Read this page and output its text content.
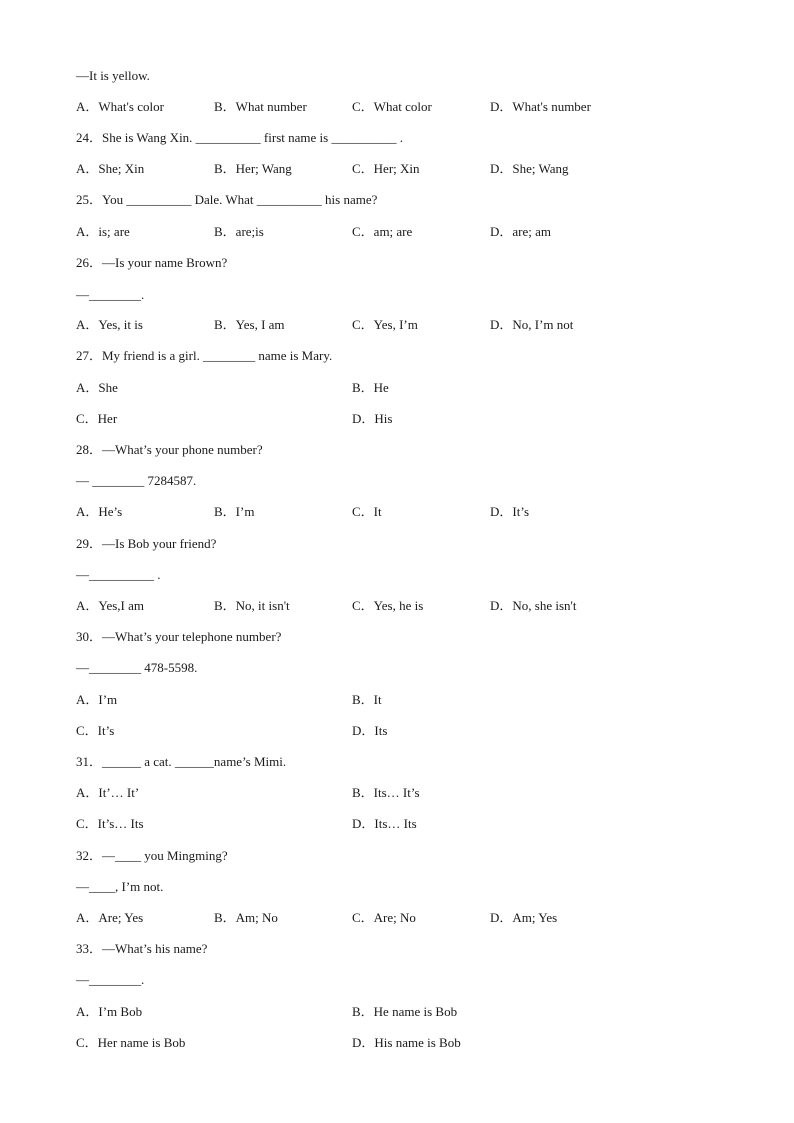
—It is yellow.
A．What's color	B．What number	C．What color	D．What's number
24．She is Wang Xin. __________ first name is __________ .
A．She; Xin	B．Her; Wang	C．Her; Xin	D．She; Wang
25．You __________ Dale. What __________ his name?
A．is; are	B．are;is	C．am; are	D．are; am
26．—Is your name Brown?
—________.
A．Yes, it is	B．Yes, I am	C．Yes, I’m	D．No, I’m not
27．My friend is a girl. ________ name is Mary.
A．She	B．He
C．Her	D．His
28．—What’s your phone number?
— ________ 7284587.
A．He’s	B．I’m	C．It	D．It’s
29．—Is Bob your friend?
—__________ .
A．Yes,I am	B．No, it isn't	C．Yes, he is	D．No, she isn't
30．—What’s your telephone number?
—________ 478-5598.
A．I’m	B．It
C．It’s	D．Its
31．______ a cat. ______name’s Mimi.
A．It’… It’	B．Its… It’s
C．It’s… Its	D．Its… Its
32．—____ you Mingming?
—____, I’m not.
A．Are; Yes	B．Am; No	C．Are; No	D．Am; Yes
33．—What’s his name?
—________.
A．I’m Bob	B．He name is Bob
C．Her name is Bob	D．His name is Bob
